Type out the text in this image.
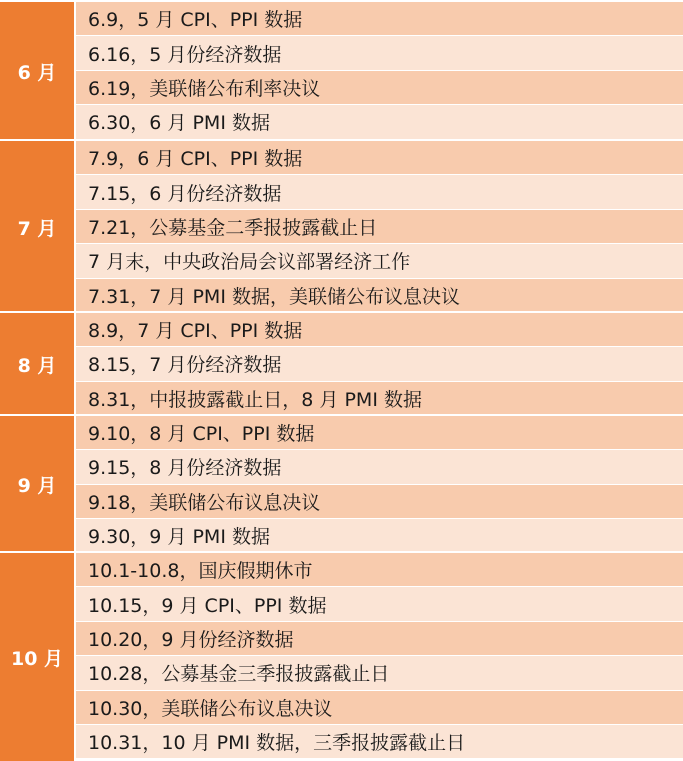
6 月
6.9，5 月 CPI、PPI 数据
6.16，5 月份经济数据
6.19，美联储公布利率决议
6.30，6 月 PMI 数据
7 月
7.9，6 月 CPI、PPI 数据
7.15，6 月份经济数据
7.21，公募基金二季报披露截止日
7 月末，中央政治局会议部署经济工作
7.31，7 月 PMI 数据，美联储公布议息决议
8 月
8.9，7 月 CPI、PPI 数据
8.15，7 月份经济数据
8.31，中报披露截止日，8 月 PMI 数据
9 月
9.10，8 月 CPI、PPI 数据
9.15，8 月份经济数据
9.18，美联储公布议息决议
9.30，9 月 PMI 数据
10 月
10.1-10.8，国庆假期休市
10.15，9 月 CPI、PPI 数据
10.20，9 月份经济数据
10.28，公募基金三季报披露截止日
10.30，美联储公布议息决议
10.31，10 月 PMI 数据，三季报披露截止日
